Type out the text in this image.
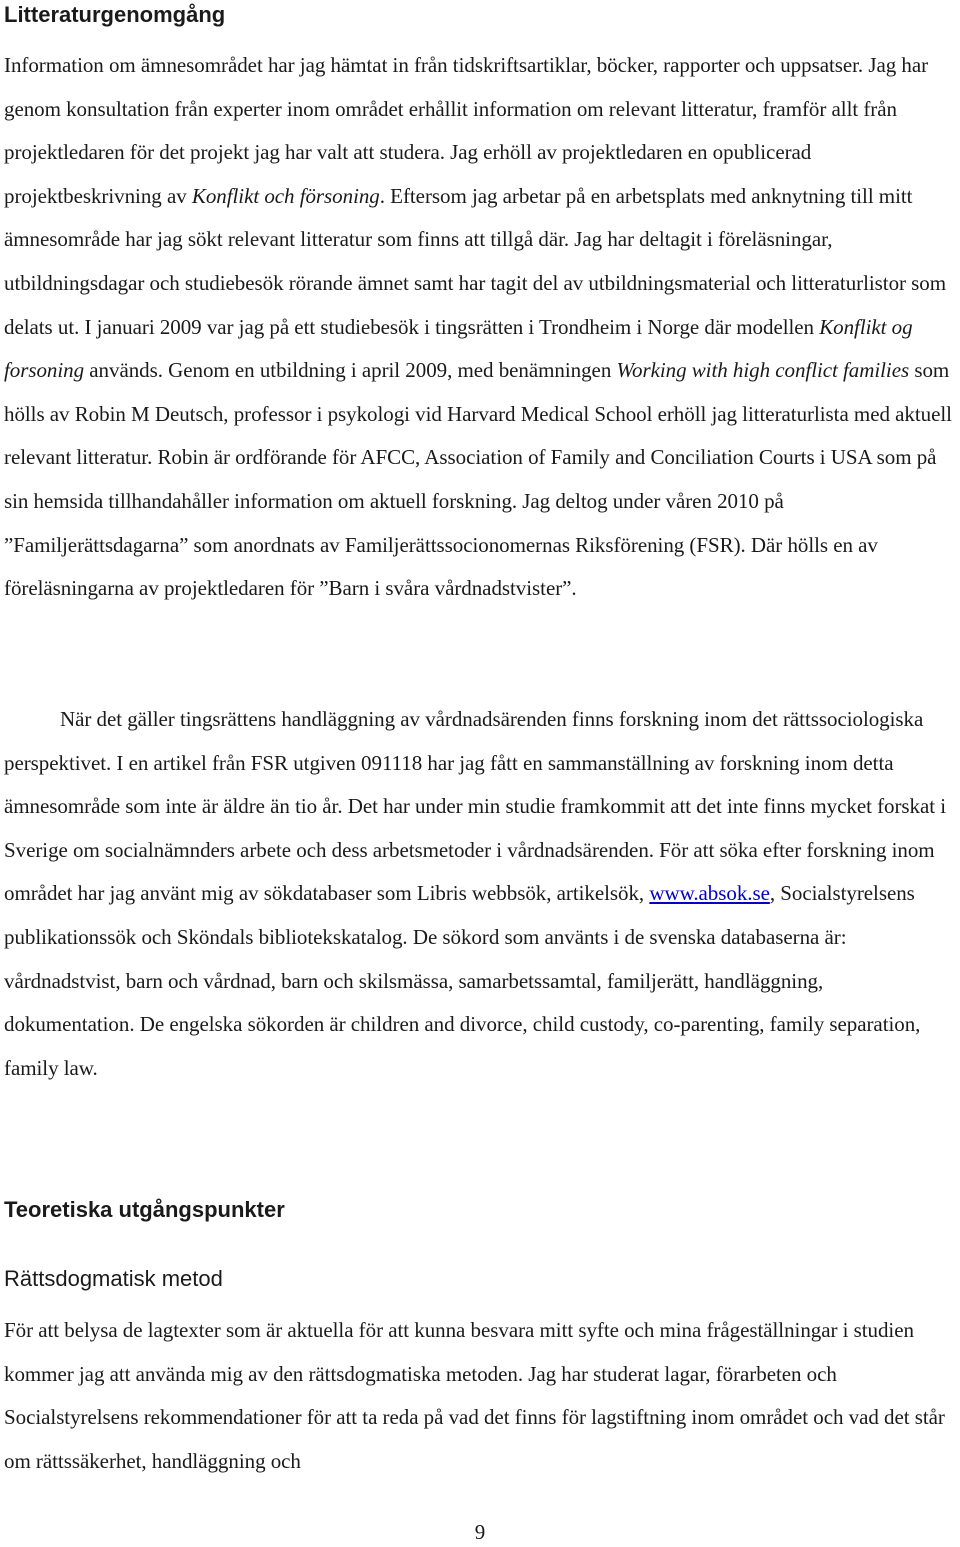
Litteraturgenomgång

Information om ämnesområdet har jag hämtat in från tidskriftsartiklar, böcker, rapporter och uppsatser. Jag har genom konsultation från experter inom området erhållit information om relevant litteratur, framför allt från projektledaren för det projekt jag har valt att studera. Jag erhöll av projektledaren en opublicerad projektbeskrivning av Konflikt och försoning. Eftersom jag arbetar på en arbetsplats med anknytning till mitt ämnesområde har jag sökt relevant litteratur som finns att tillgå där. Jag har deltagit i föreläsningar, utbildningsdagar och studiebesök rörande ämnet samt har tagit del av utbildningsmaterial och litteraturlistor som delats ut. I januari 2009 var jag på ett studiebesök i tingsrätten i Trondheim i Norge där modellen Konflikt og forsoning används. Genom en utbildning i april 2009, med benämningen Working with high conflict families som hölls av Robin M Deutsch, professor i psykologi vid Harvard Medical School erhöll jag litteraturlista med aktuell relevant litteratur. Robin är ordförande för AFCC, Association of Family and Conciliation Courts i USA som på sin hemsida tillhandahåller information om aktuell forskning. Jag deltog under våren 2010 på ”Familjerättsdagarna” som anordnats av Familjerättssocionomernas Riksförening (FSR). Där hölls en av föreläsningarna av projektledaren för ”Barn i svåra vårdnadstvister”.

När det gäller tingsrättens handläggning av vårdnadsärenden finns forskning inom det rättssociologiska perspektivet. I en artikel från FSR utgiven 091118 har jag fått en sammanställning av forskning inom detta ämnesområde som inte är äldre än tio år. Det har under min studie framkommit att det inte finns mycket forskat i Sverige om socialnämnders arbete och dess arbetsmetoder i vårdnadsärenden. För att söka efter forskning inom området har jag använt mig av sökdatabaser som Libris webbsök, artikelsök, www.absok.se, Socialstyrelsens publikationssök och Sköndals bibliotekskatalog. De sökord som använts i de svenska databaserna är: vårdnadstvist, barn och vårdnad, barn och skilsmässa, samarbetssamtal, familjerätt, handläggning, dokumentation. De engelska sökorden är children and divorce, child custody, co-parenting, family separation, family law.

Teoretiska utgångspunkter
Rättsdogmatisk metod

För att belysa de lagtexter som är aktuella för att kunna besvara mitt syfte och mina frågeställningar i studien kommer jag att använda mig av den rättsdogmatiska metoden. Jag har studerat lagar, förarbeten och Socialstyrelsens rekommendationer för att ta reda på vad det finns för lagstiftning inom området och vad det står om rättssäkerhet, handläggning och

9
